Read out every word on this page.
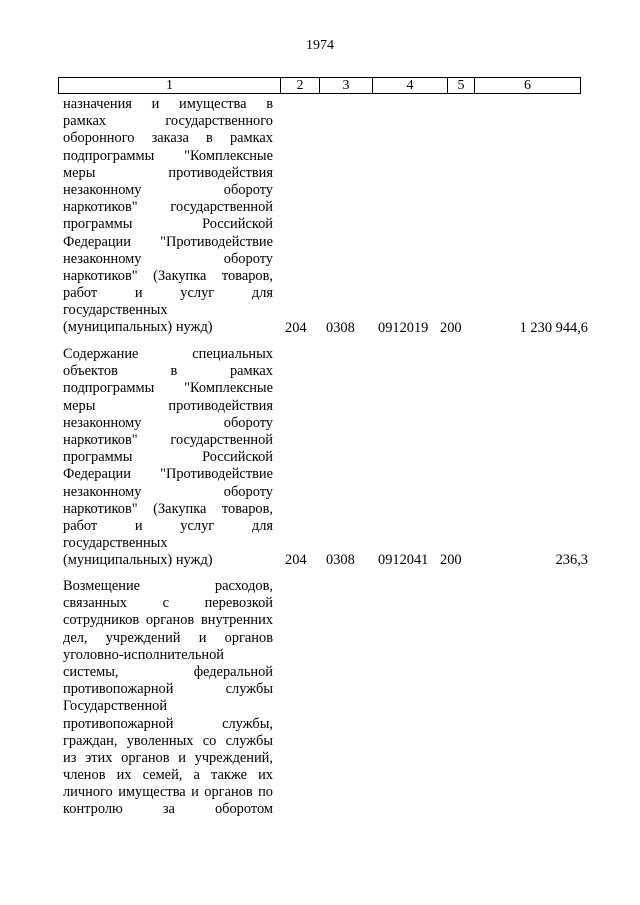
1974
1	2	3	4	5	6
назначения и имущества в
рамках государственного
оборонного заказа в рамках
подпрограммы "Комплексные
меры противодействия
незаконному обороту
наркотиков" государственной
программы Российской
Федерации "Противодействие
незаконному обороту
наркотиков" (Закупка товаров,
работ и услуг для
государственных
(муниципальных) нужд)	204 0308 0912019 200	1 230 944,6
Содержание специальных
объектов в рамках
подпрограммы "Комплексные
меры противодействия
незаконному обороту
наркотиков" государственной
программы Российской
Федерации "Противодействие
незаконному обороту
наркотиков" (Закупка товаров,
работ и услуг для
государственных
(муниципальных) нужд)	204 0308 0912041 200	236,3
Возмещение расходов,
связанных с перевозкой
сотрудников органов внутренних
дел, учреждений и органов
уголовно-исполнительной
системы, федеральной
противопожарной службы
Государственной
противопожарной службы,
граждан, уволенных со службы
из этих органов и учреждений,
членов их семей, а также их
личного имущества и органов по
контролю за оборотом
